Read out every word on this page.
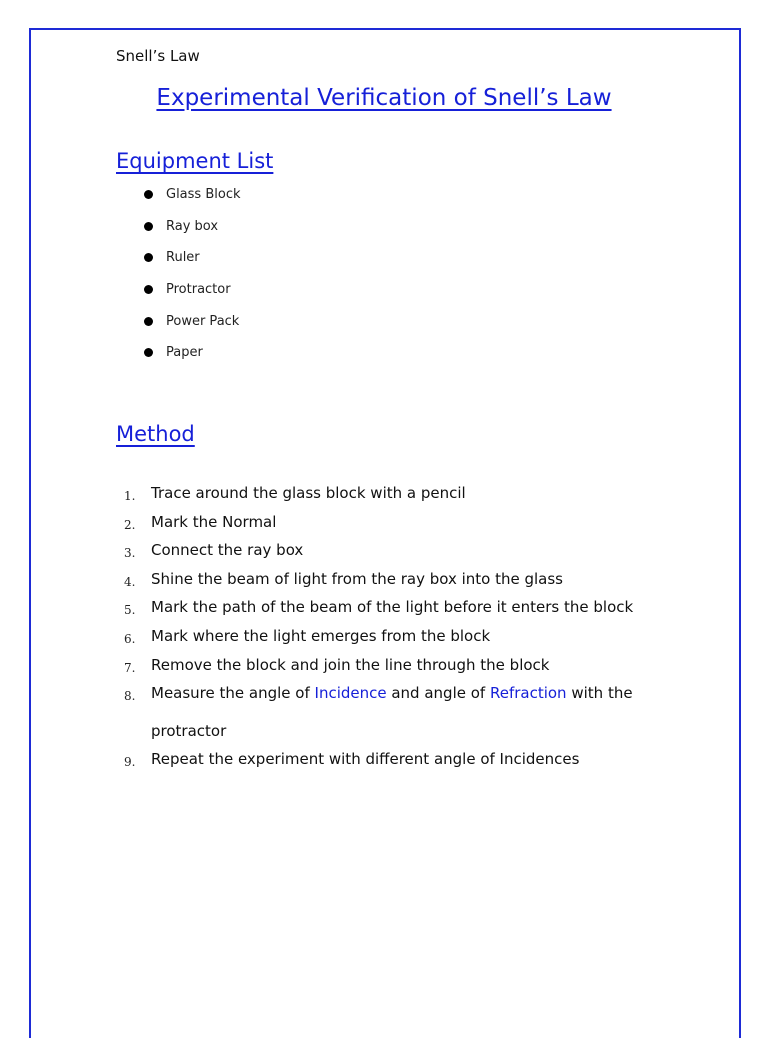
Snell’s Law
Experimental Verification of Snell’s Law
Equipment List
Glass Block
Ray box
Ruler
Protractor
Power Pack
Paper
Method
1.	Trace around the glass block with a pencil
2.	Mark the Normal
3.	Connect the ray box
4.	Shine the beam of light from the ray box into the glass
5.	Mark the path of the beam of the light before it enters the block
6.	Mark where the light emerges from the block
7.	Remove the block and join the line through the block
8.	Measure the angle of Incidence and angle of Refraction with the protractor
9.	Repeat the experiment with different angle of Incidences
